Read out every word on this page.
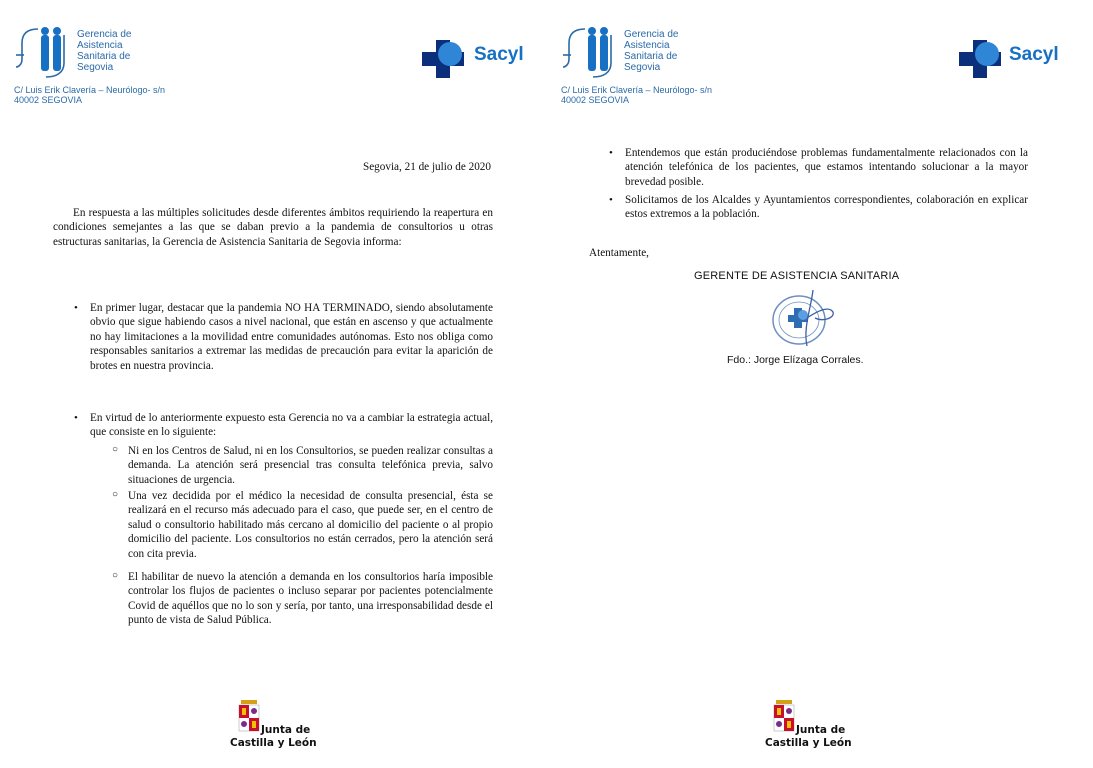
Gerencia de
Asistencia
Sanitaria de
Segovia
C/ Luis Erik Clavería – Neurólogo- s/n
40002 SEGOVIA
Sacyl
Segovia, 21 de julio de 2020
En respuesta a las múltiples solicitudes desde diferentes ámbitos requiriendo la reapertura en condiciones semejantes a las que se daban previo a la pandemia de consultorios u otras estructuras sanitarias, la Gerencia de Asistencia Sanitaria de Segovia informa:
• En primer lugar, destacar que la pandemia NO HA TERMINADO, siendo absolutamente obvio que sigue habiendo casos a nivel nacional, que están en ascenso y que actualmente no hay limitaciones a la movilidad entre comunidades autónomas. Esto nos obliga como responsables sanitarios a extremar las medidas de precaución para evitar la aparición de brotes en nuestra provincia.
• En virtud de lo anteriormente expuesto esta Gerencia no va a cambiar la estrategia actual, que consiste en lo siguiente:
○ Ni en los Centros de Salud, ni en los Consultorios, se pueden realizar consultas a demanda. La atención será presencial tras consulta telefónica previa, salvo situaciones de urgencia.
○ Una vez decidida por el médico la necesidad de consulta presencial, ésta se realizará en el recurso más adecuado para el caso, que puede ser, en el centro de salud o consultorio habilitado más cercano al domicilio del paciente o al propio domicilio del paciente. Los consultorios no están cerrados, pero la atención será con cita previa.
○ El habilitar de nuevo la atención a demanda en los consultorios haría imposible controlar los flujos de pacientes o incluso separar por pacientes potencialmente Covid de aquéllos que no lo son y sería, por tanto, una irresponsabilidad desde el punto de vista de Salud Pública.
Junta de
Castilla y León
Gerencia de
Asistencia
Sanitaria de
Segovia
C/ Luis Erik Clavería – Neurólogo- s/n
40002 SEGOVIA
Sacyl
• Entendemos que están produciéndose problemas fundamentalmente relacionados con la atención telefónica de los pacientes, que estamos intentando solucionar a la mayor brevedad posible.
• Solicitamos de los Alcaldes y Ayuntamientos correspondientes, colaboración en explicar estos extremos a la población.
Atentamente,
GERENTE DE ASISTENCIA SANITARIA
Fdo.: Jorge Elízaga Corrales.
Junta de
Castilla y León
